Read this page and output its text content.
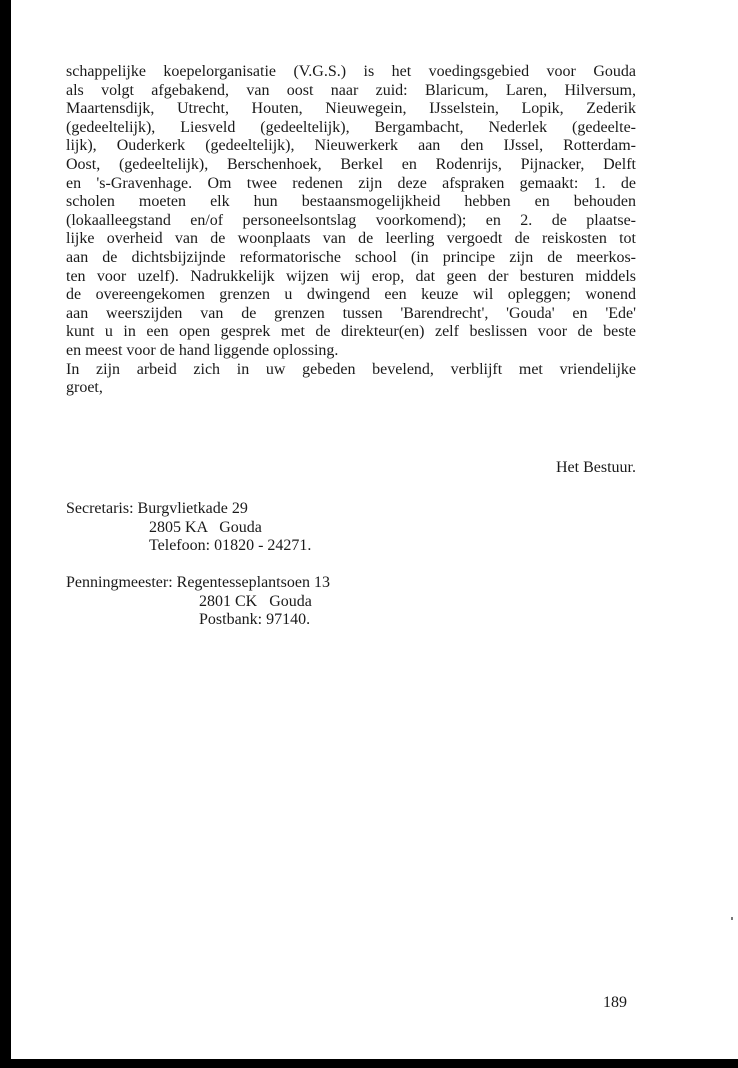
schappelijke koepelorganisatie (V.G.S.) is het voedingsgebied voor Gouda
als volgt afgebakend, van oost naar zuid: Blaricum, Laren, Hilversum,
Maartensdijk, Utrecht, Houten, Nieuwegein, IJsselstein, Lopik, Zederik
(gedeeltelijk), Liesveld (gedeeltelijk), Bergambacht, Nederlek (gedeelte-
lijk), Ouderkerk (gedeeltelijk), Nieuwerkerk aan den IJssel, Rotterdam-
Oost, (gedeeltelijk), Berschenhoek, Berkel en Rodenrijs, Pijnacker, Delft
en 's-Gravenhage. Om twee redenen zijn deze afspraken gemaakt: 1. de
scholen moeten elk hun bestaansmogelijkheid hebben en behouden
(lokaalleegstand en/of personeelsontslag voorkomend); en 2. de plaatse-
lijke overheid van de woonplaats van de leerling vergoedt de reiskosten tot
aan de dichtsbijzijnde reformatorische school (in principe zijn de meerkos-
ten voor uzelf). Nadrukkelijk wijzen wij erop, dat geen der besturen middels
de overeengekomen grenzen u dwingend een keuze wil opleggen; wonend
aan weerszijden van de grenzen tussen 'Barendrecht', 'Gouda' en 'Ede'
kunt u in een open gesprek met de direkteur(en) zelf beslissen voor de beste
en meest voor de hand liggende oplossing.
In zijn arbeid zich in uw gebeden bevelend, verblijft met vriendelijke
groet,
Het Bestuur.
Secretaris: Burgvlietkade 29
2805 KA   Gouda
Telefoon: 01820 - 24271.
Penningmeester: Regentesseplantsoen 13
2801 CK   Gouda
Postbank: 97140.
189
